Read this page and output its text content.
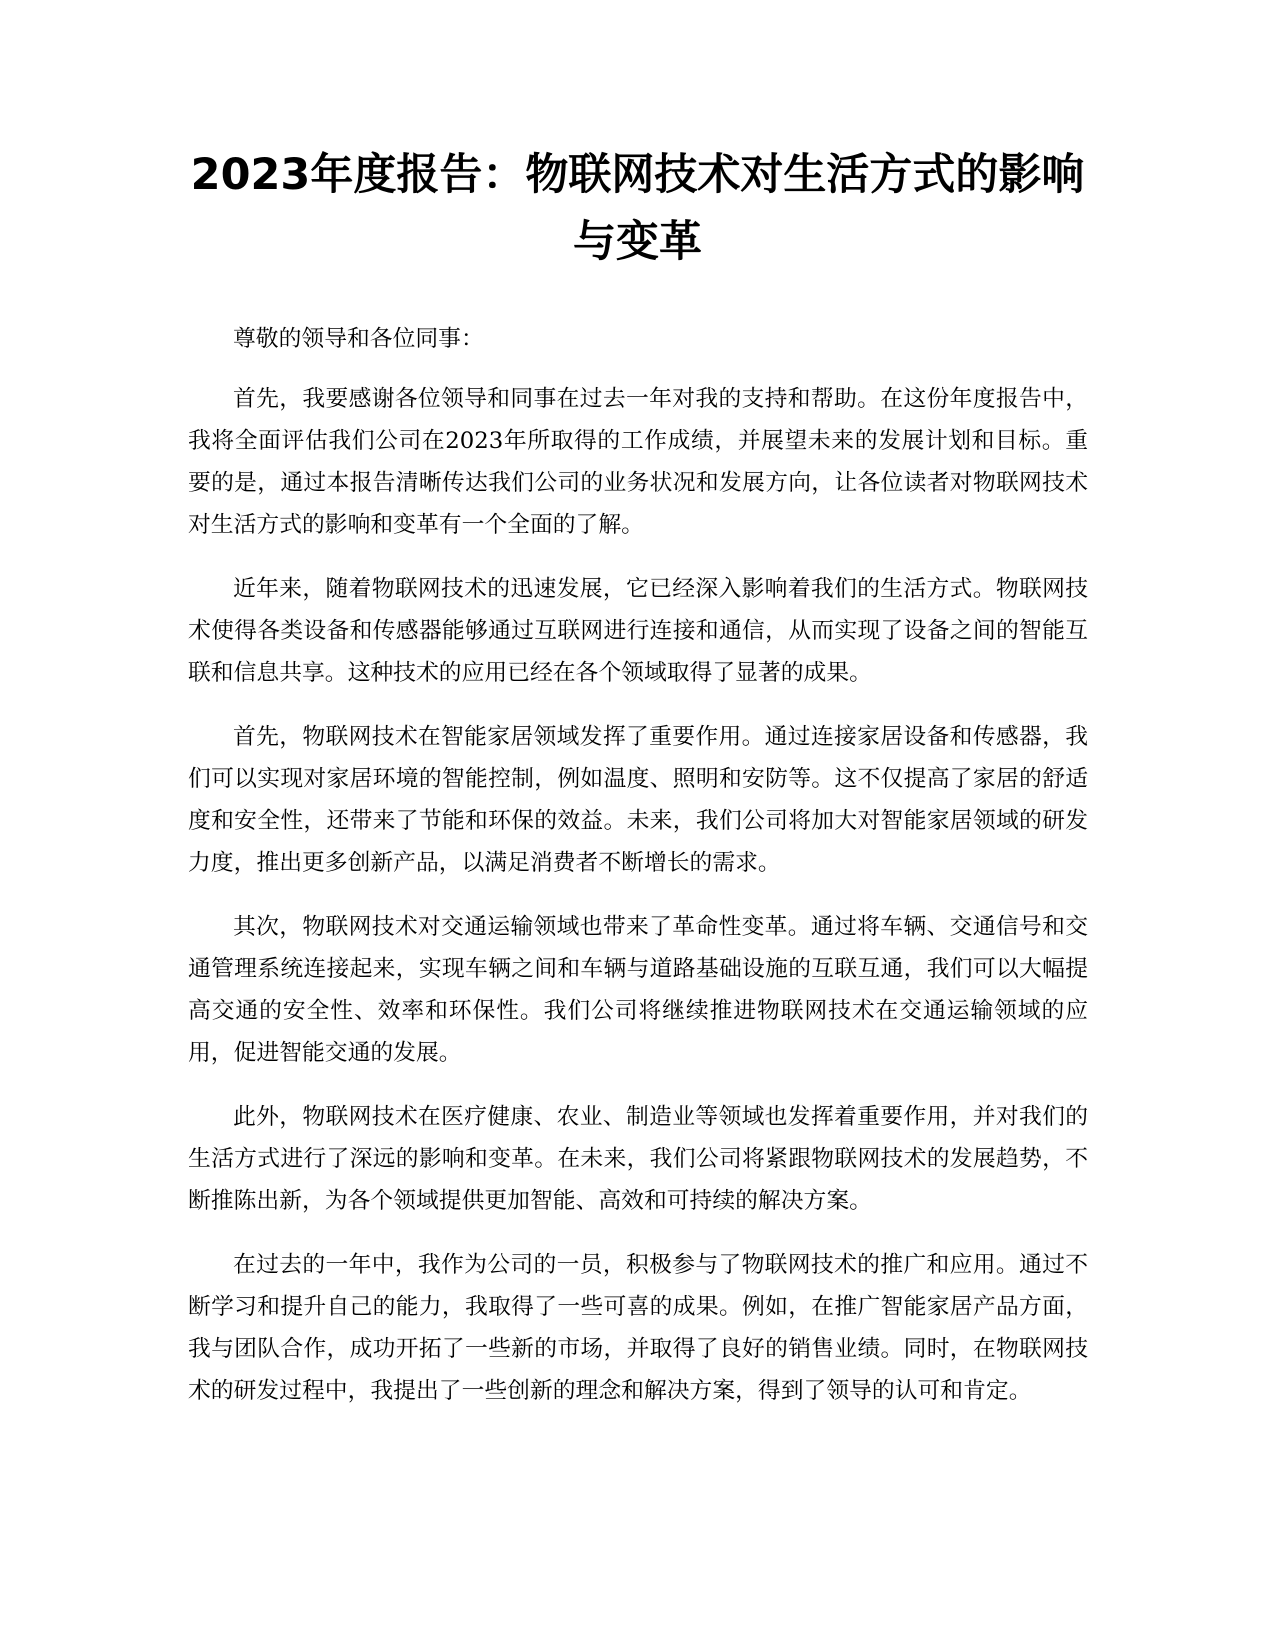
2023年度报告：物联网技术对生活方式的影响与变革

尊敬的领导和各位同事：

首先，我要感谢各位领导和同事在过去一年对我的支持和帮助。在这份年度报告中，我将全面评估我们公司在2023年所取得的工作成绩，并展望未来的发展计划和目标。重要的是，通过本报告清晰传达我们公司的业务状况和发展方向，让各位读者对物联网技术对生活方式的影响和变革有一个全面的了解。

近年来，随着物联网技术的迅速发展，它已经深入影响着我们的生活方式。物联网技术使得各类设备和传感器能够通过互联网进行连接和通信，从而实现了设备之间的智能互联和信息共享。这种技术的应用已经在各个领域取得了显著的成果。

首先，物联网技术在智能家居领域发挥了重要作用。通过连接家居设备和传感器，我们可以实现对家居环境的智能控制，例如温度、照明和安防等。这不仅提高了家居的舒适度和安全性，还带来了节能和环保的效益。未来，我们公司将加大对智能家居领域的研发力度，推出更多创新产品，以满足消费者不断增长的需求。

其次，物联网技术对交通运输领域也带来了革命性变革。通过将车辆、交通信号和交通管理系统连接起来，实现车辆之间和车辆与道路基础设施的互联互通，我们可以大幅提高交通的安全性、效率和环保性。我们公司将继续推进物联网技术在交通运输领域的应用，促进智能交通的发展。

此外，物联网技术在医疗健康、农业、制造业等领域也发挥着重要作用，并对我们的生活方式进行了深远的影响和变革。在未来，我们公司将紧跟物联网技术的发展趋势，不断推陈出新，为各个领域提供更加智能、高效和可持续的解决方案。

在过去的一年中，我作为公司的一员，积极参与了物联网技术的推广和应用。通过不断学习和提升自己的能力，我取得了一些可喜的成果。例如，在推广智能家居产品方面，我与团队合作，成功开拓了一些新的市场，并取得了良好的销售业绩。同时，在物联网技术的研发过程中，我提出了一些创新的理念和解决方案，得到了领导的认可和肯定。
